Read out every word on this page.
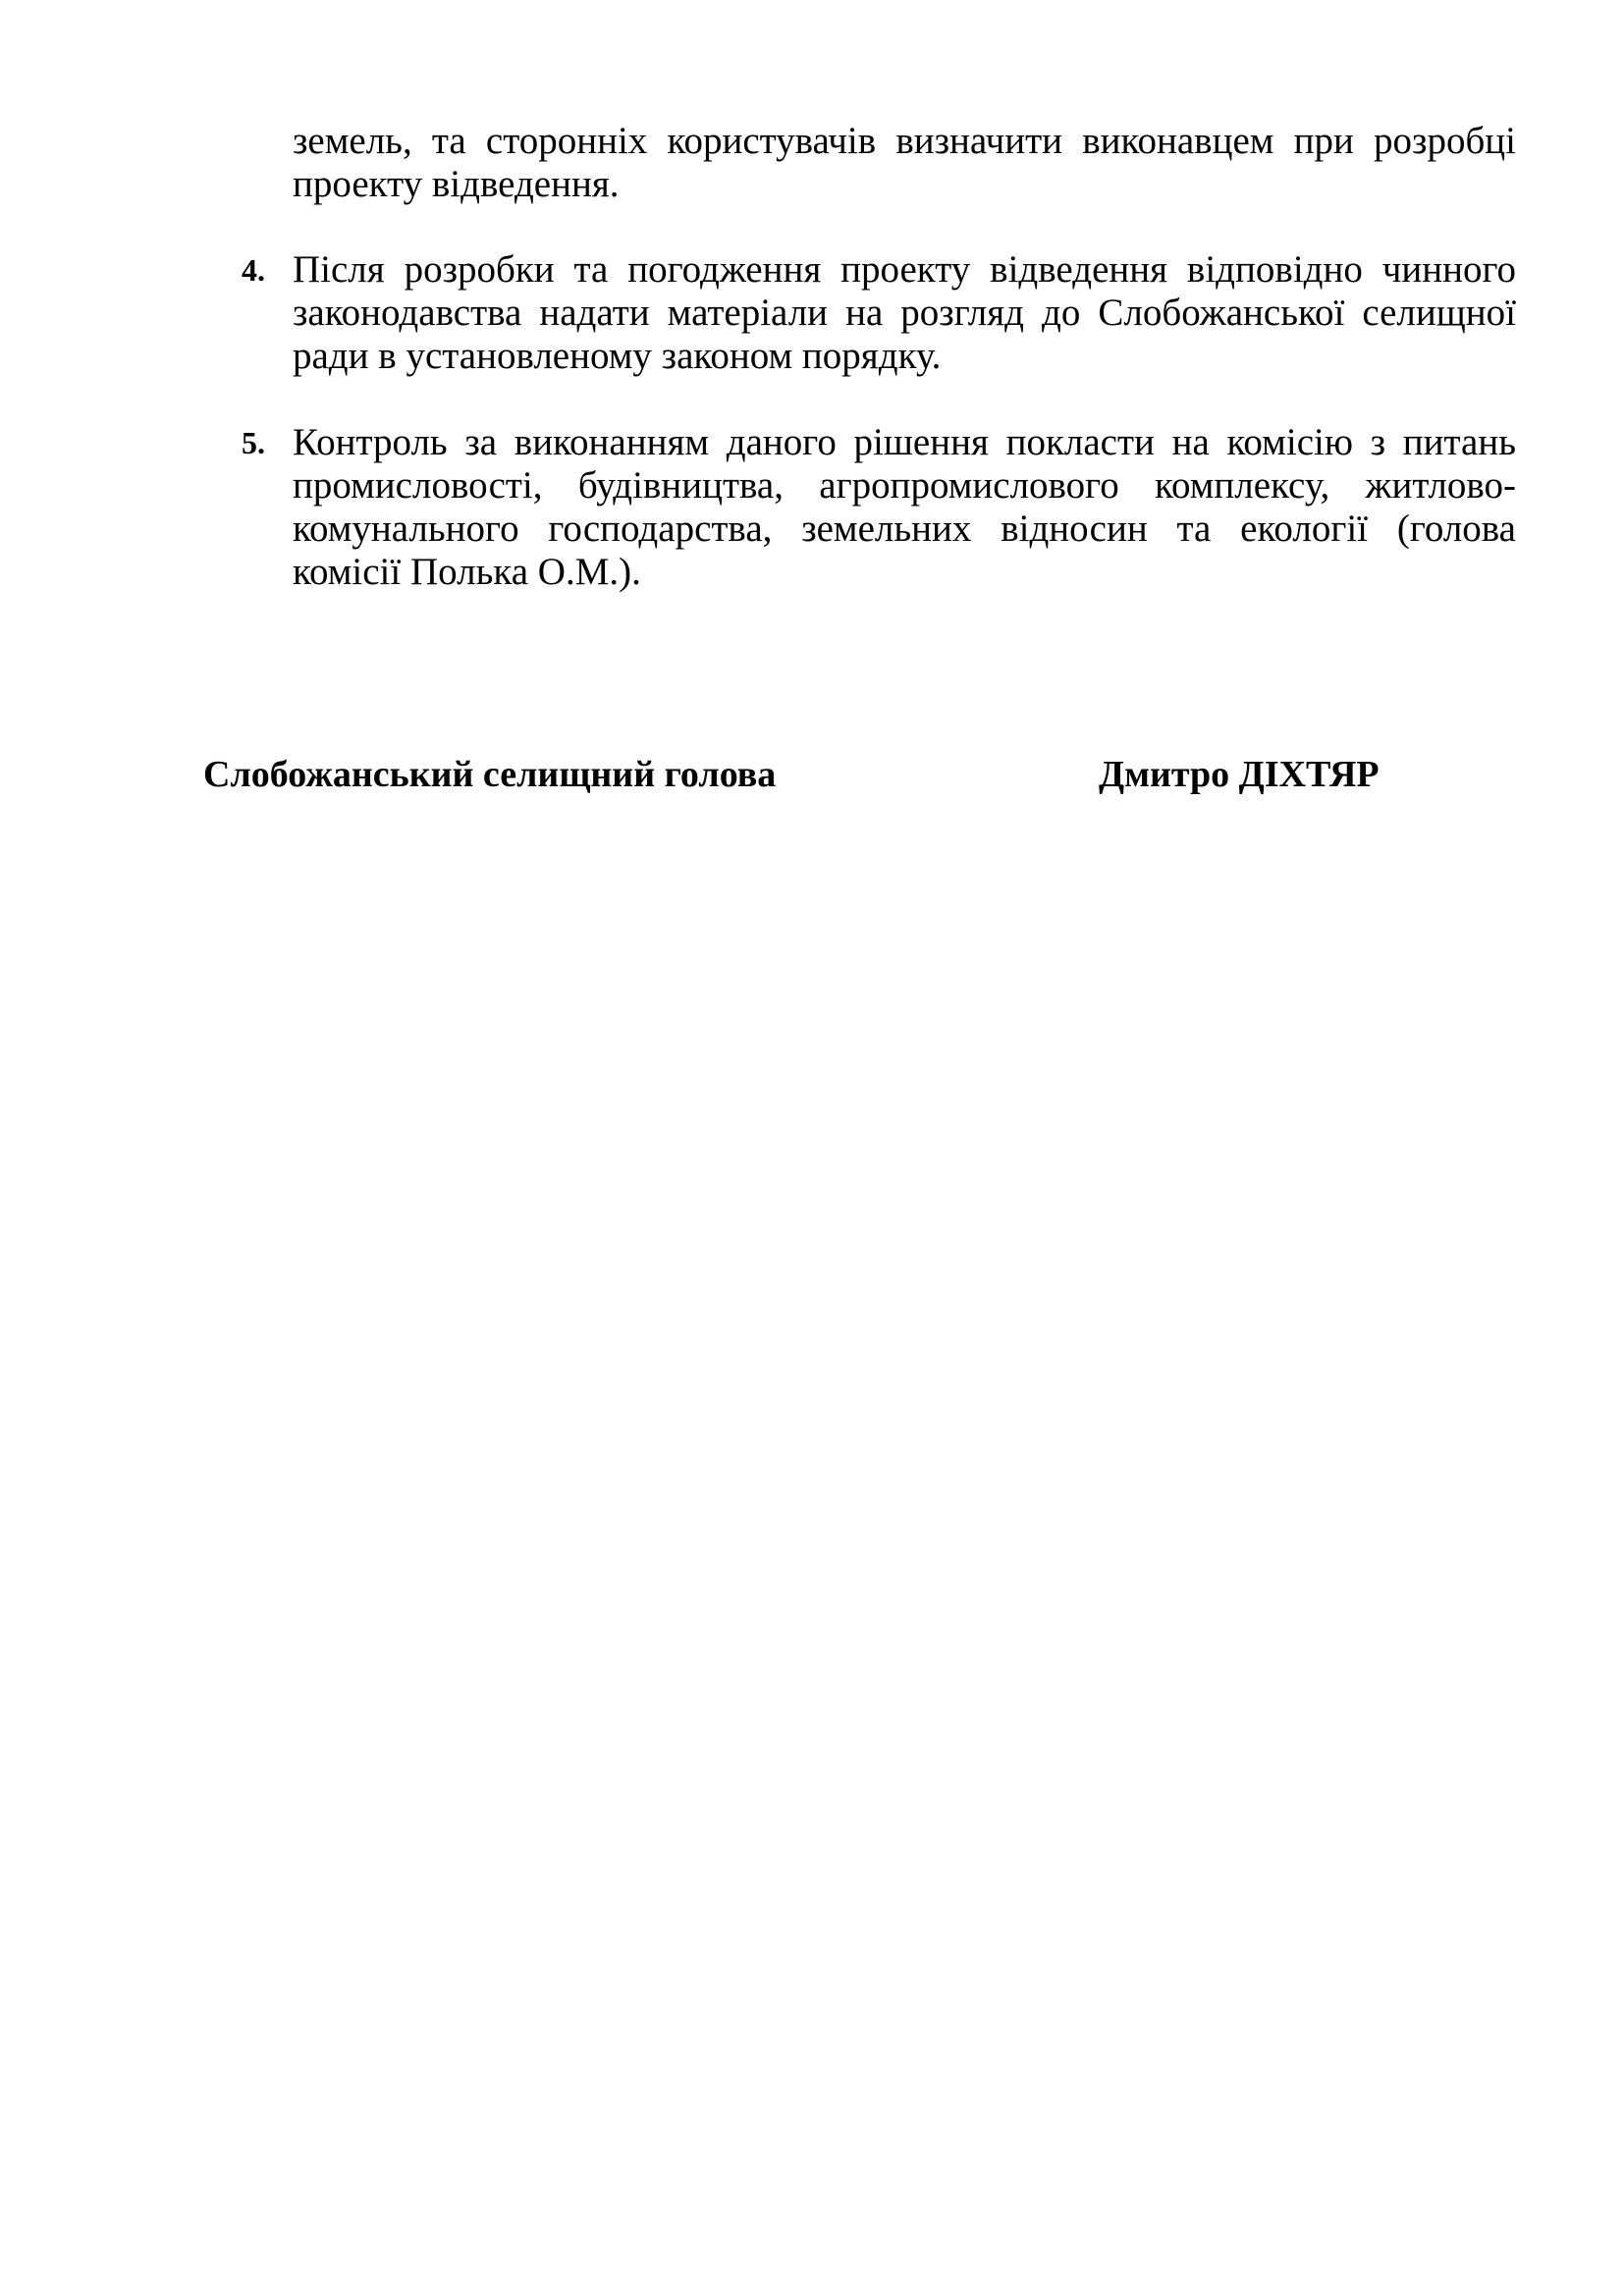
земель, та сторонніх користувачів визначити виконавцем при розробці
проекту відведення.
4. Після розробки та погодження проекту відведення відповідно чинного
законодавства надати матеріали на розгляд до Слобожанської селищної
ради в установленому законом порядку.
5. Контроль за виконанням даного рішення покласти на комісію з питань
промисловості, будівництва, агропромислового комплексу, житлово-
комунального господарства, земельних відносин та екології (голова
комісії Полька О.М.).
Слобожанський селищний голова	Дмитро ДІХТЯР
